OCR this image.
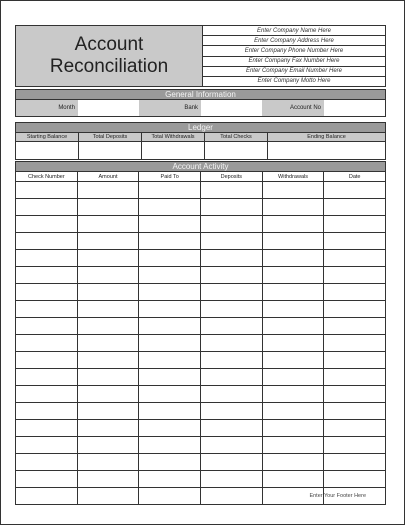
Account
Reconciliation
Enter Company Name Here
Enter Company Address Here
Enter Company Phone Number Here
Enter Company Fax Number Here
Enter Company Email Number Here
Enter Company Motto Here
General Information
Month	Bank	Account No
Ledger
Starting Balance	Total Deposits	Total Withdrawals	Total Checks	Ending Balance
Account Activity
Check Number	Amount	Paid To	Deposits	Withdrawals	Date
Enter Your Footer Here
